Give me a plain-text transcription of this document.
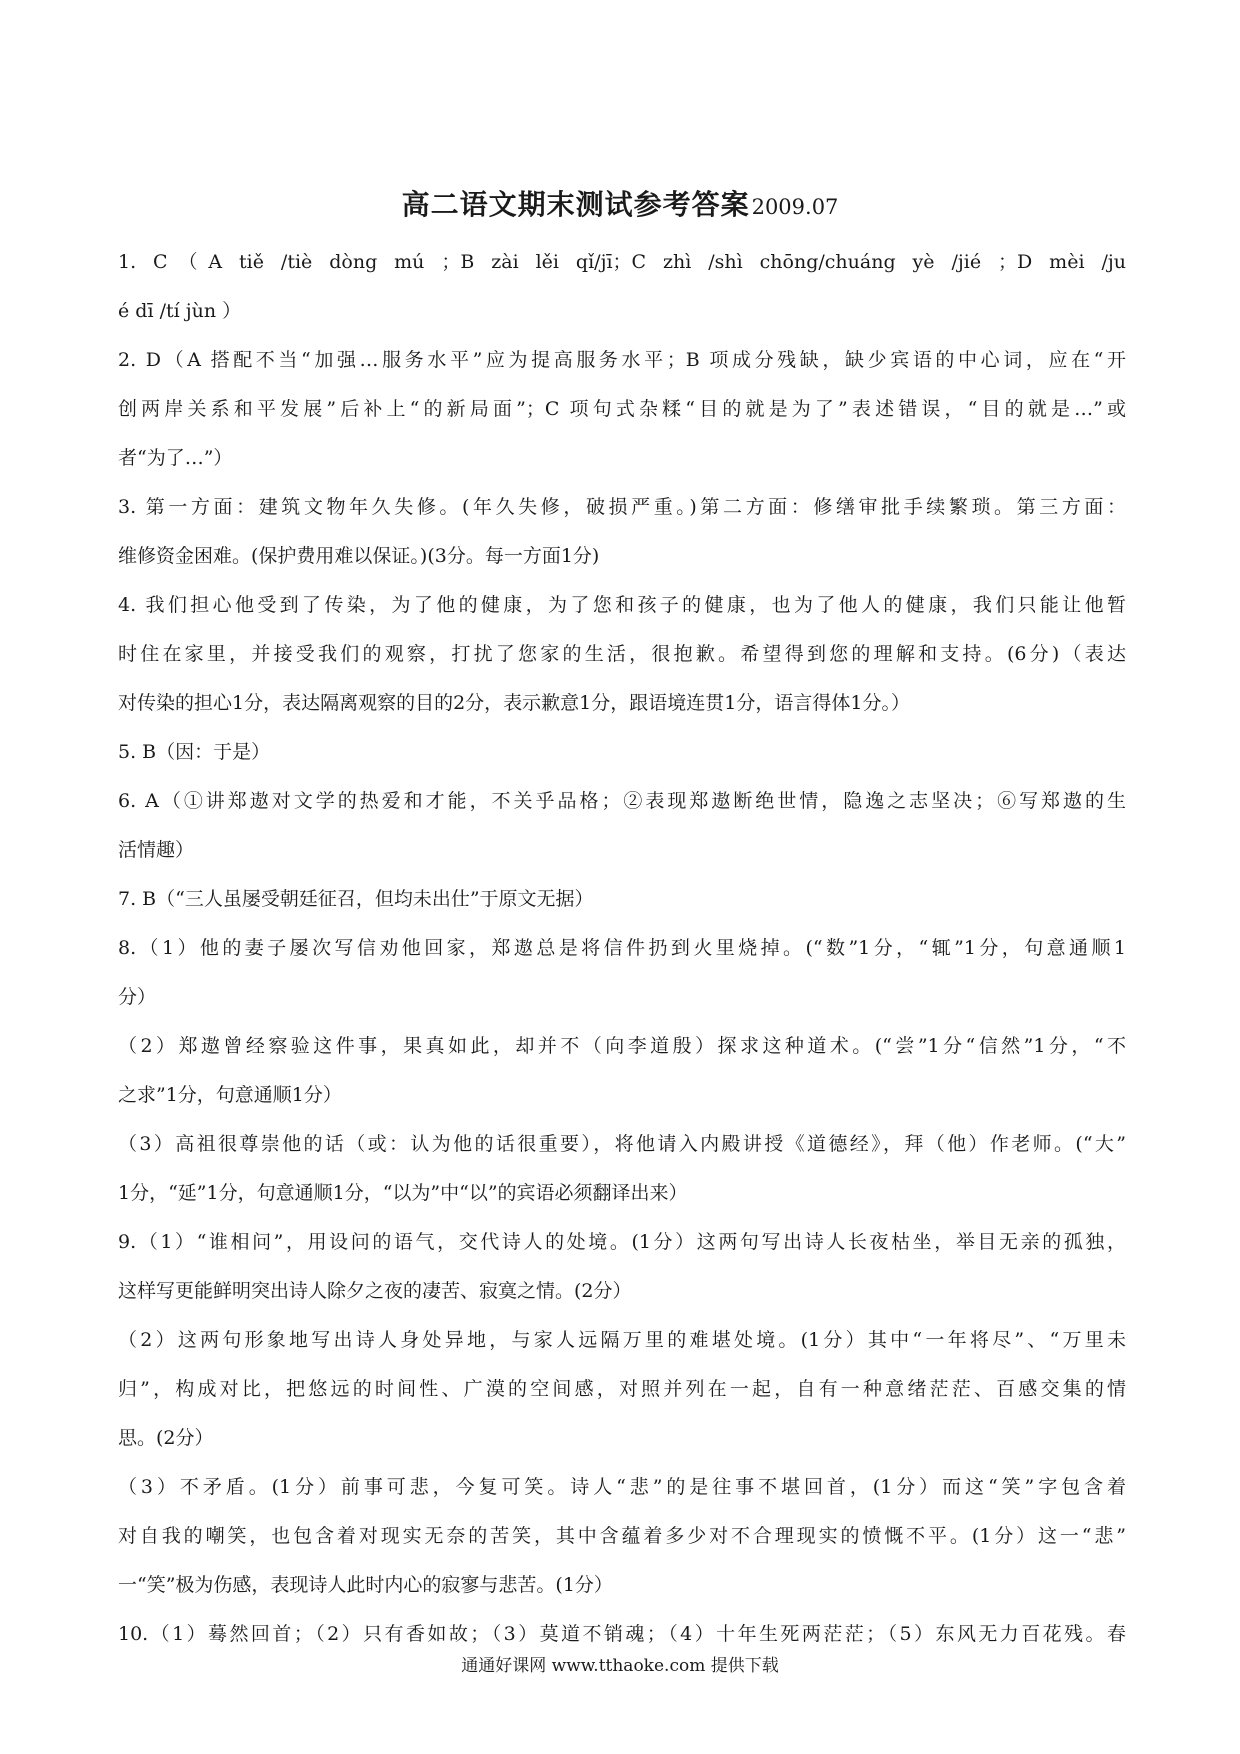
高二语文期末测试参考答案2009.07
1. C（A tiě /tiè dòng mú ；B zài lěi qǐ/jī；C zhì /shì chōng/chuáng yè /jié ；D mèi /ju
é dī /tí jùn ）
2. D（A 搭配不当“加强…服务水平”应为提高服务水平；B 项成分残缺，缺少宾语的中心词，应在“开
创两岸关系和平发展”后补上“的新局面”；C 项句式杂糅“目的就是为了”表述错误，“目的就是…”或
者“为了…”）
3. 第一方面：建筑文物年久失修。(年久失修，破损严重。)第二方面：修缮审批手续繁琐。第三方面：
维修资金困难。(保护费用难以保证。)(3分。每一方面1分)
4. 我们担心他受到了传染，为了他的健康，为了您和孩子的健康，也为了他人的健康，我们只能让他暂
时住在家里，并接受我们的观察，打扰了您家的生活，很抱歉。希望得到您的理解和支持。(6分)（表达
对传染的担心1分，表达隔离观察的目的2分，表示歉意1分，跟语境连贯1分，语言得体1分。）
5. B（因：于是）
6. A（①讲郑遨对文学的热爱和才能，不关乎品格；②表现郑遨断绝世情，隐逸之志坚决；⑥写郑遨的生
活情趣）
7. B（“三人虽屡受朝廷征召，但均未出仕”于原文无据）
8.（1）他的妻子屡次写信劝他回家，郑遨总是将信件扔到火里烧掉。(“数”1分，“辄”1分，句意通顺1
分）
（2）郑遨曾经察验这件事，果真如此，却并不（向李道殷）探求这种道术。(“尝”1分“信然”1分，“不
之求”1分，句意通顺1分）
（3）高祖很尊崇他的话（或：认为他的话很重要），将他请入内殿讲授《道德经》，拜（他）作老师。(“大”
1分，“延”1分，句意通顺1分，“以为”中“以”的宾语必须翻译出来）
9.（1）“谁相问”，用设问的语气，交代诗人的处境。(1分）这两句写出诗人长夜枯坐，举目无亲的孤独，
这样写更能鲜明突出诗人除夕之夜的凄苦、寂寞之情。(2分）
（2）这两句形象地写出诗人身处异地，与家人远隔万里的难堪处境。(1分）其中“一年将尽”、“万里未
归”，构成对比，把悠远的时间性、广漠的空间感，对照并列在一起，自有一种意绪茫茫、百感交集的情
思。(2分）
（3）不矛盾。(1分）前事可悲，今复可笑。诗人“悲”的是往事不堪回首，(1分）而这“笑”字包含着
对自我的嘲笑，也包含着对现实无奈的苦笑，其中含蕴着多少对不合理现实的愤慨不平。(1分）这一“悲”
一“笑”极为伤感，表现诗人此时内心的寂寥与悲苦。(1分）
10.（1）蓦然回首；（2）只有香如故；（3）莫道不销魂；（4）十年生死两茫茫；（5）东风无力百花残。春
通通好课网 www.tthaoke.com 提供下载
